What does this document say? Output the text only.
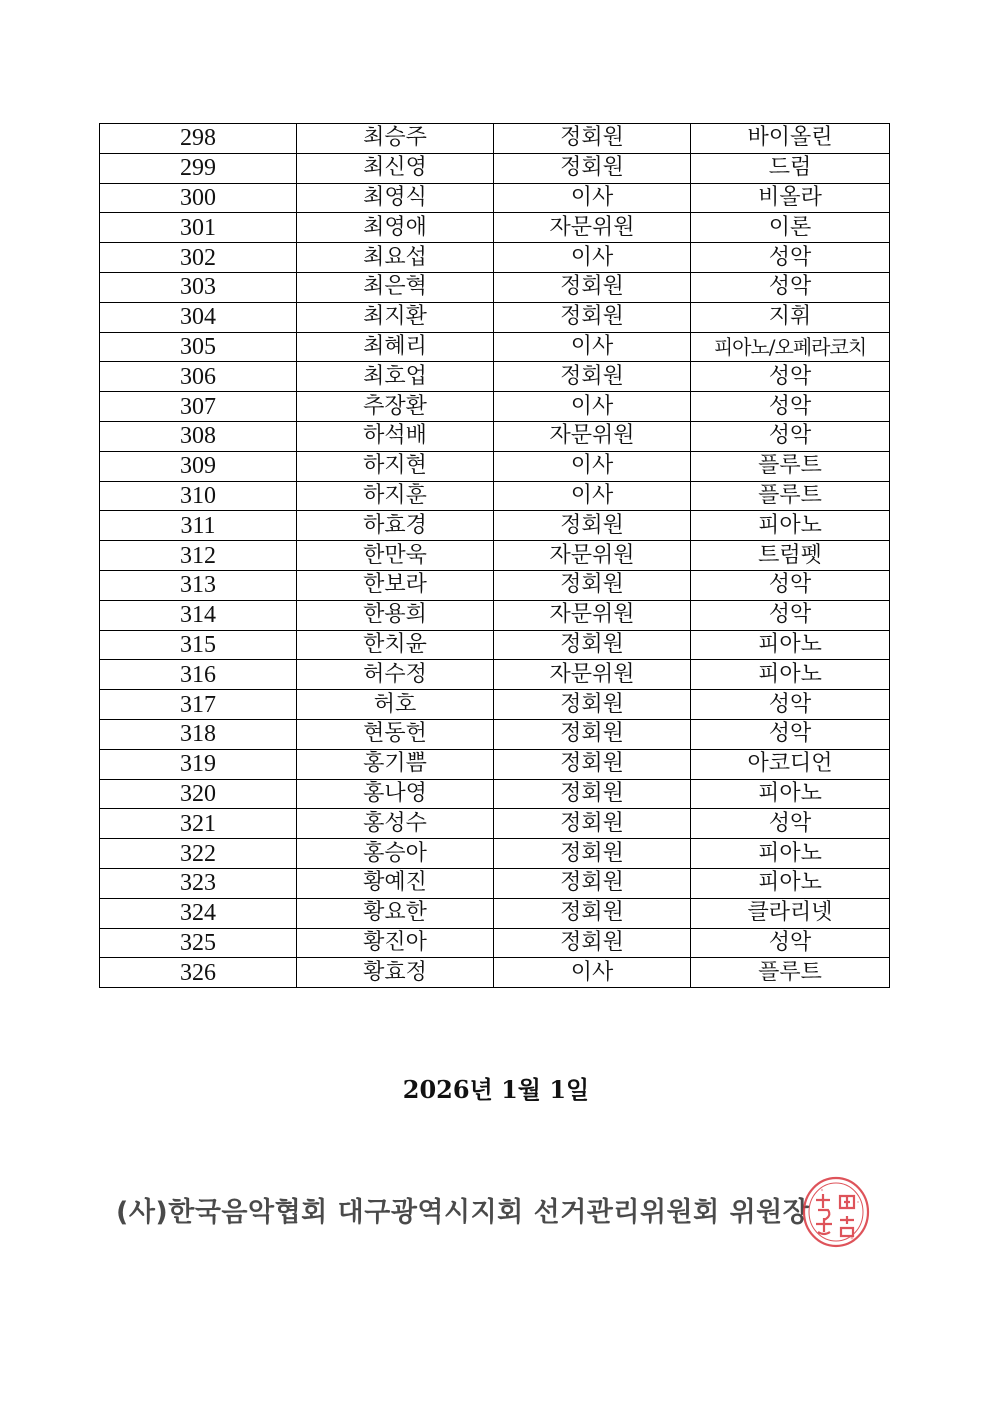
298	최승주	정회원	바이올린
299	최신영	정회원	드럼
300	최영식	이사	비올라
301	최영애	자문위원	이론
302	최요섭	이사	성악
303	최은혁	정회원	성악
304	최지환	정회원	지휘
305	최혜리	이사	피아노/오페라코치
306	최호업	정회원	성악
307	추장환	이사	성악
308	하석배	자문위원	성악
309	하지현	이사	플루트
310	하지훈	이사	플루트
311	하효경	정회원	피아노
312	한만욱	자문위원	트럼펫
313	한보라	정회원	성악
314	한용희	자문위원	성악
315	한치윤	정회원	피아노
316	허수정	자문위원	피아노
317	허호	정회원	성악
318	현동헌	정회원	성악
319	홍기쁨	정회원	아코디언
320	홍나영	정회원	피아노
321	홍성수	정회원	성악
322	홍승아	정회원	피아노
323	황예진	정회원	피아노
324	황요한	정회원	클라리넷
325	황진아	정회원	성악
326	황효정	이사	플루트
2026년 1월 1일
(사)한국음악협회 대구광역시지회 선거관리위원회 위원장
